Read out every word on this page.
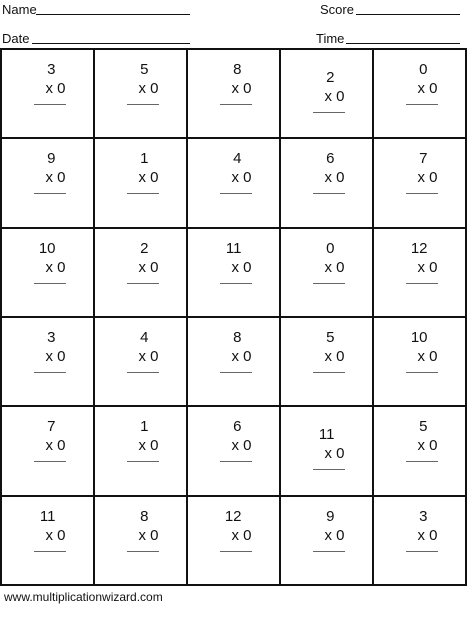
Name	Score
Date	Time
3
x 0
5
x 0
8
x 0
2
x 0
0
x 0
9
x 0
1
x 0
4
x 0
6
x 0
7
x 0
10
x 0
2
x 0
11
x 0
0
x 0
12
x 0
3
x 0
4
x 0
8
x 0
5
x 0
10
x 0
7
x 0
1
x 0
6
x 0
11
x 0
5
x 0
11
x 0
8
x 0
12
x 0
9
x 0
3
x 0
www.multiplicationwizard.com
